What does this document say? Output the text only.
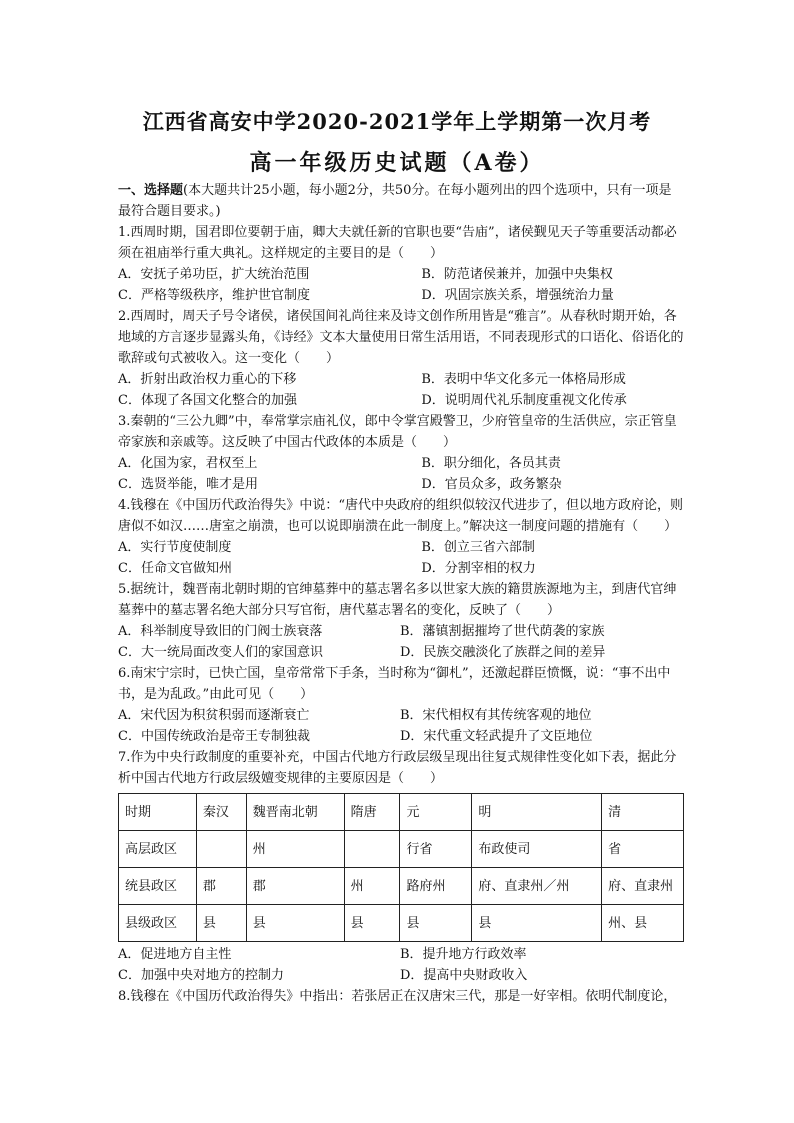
江西省高安中学2020-2021学年上学期第一次月考
高一年级历史试题（A卷）

一、选择题(本大题共计25小题，每小题2分，共50分。在每小题列出的四个选项中，只有一项是最符合题目要求。)

1.西周时期，国君即位要朝于庙，卿大夫就任新的官职也要“告庙”，诸侯觐见天子等重要活动都必须在祖庙举行重大典礼。这样规定的主要目的是（　　）

A．安抚子弟功臣，扩大统治范围	B．防范诸侯兼并，加强中央集权
C．严格等级秩序，维护世官制度	D．巩固宗族关系，增强统治力量

2.西周时，周天子号令诸侯，诸侯国间礼尚往来及诗文创作所用皆是“雅言”。从春秋时期开始，各地域的方言逐步显露头角，《诗经》文本大量使用日常生活用语，不同表现形式的口语化、俗语化的歌辞或句式被收入。这一变化（　　）

A．折射出政治权力重心的下移	B．表明中华文化多元一体格局形成
C．体现了各国文化整合的加强	D．说明周代礼乐制度重视文化传承

3.秦朝的“三公九卿”中，奉常掌宗庙礼仪，郎中令掌宫殿警卫，少府管皇帝的生活供应，宗正管皇帝家族和亲戚等。这反映了中国古代政体的本质是（　　）

A．化国为家，君权至上	B．职分细化，各员其责
C．选贤举能，唯才是用	D．官员众多，政务繁杂

4.钱穆在《中国历代政治得失》中说：“唐代中央政府的组织似较汉代进步了，但以地方政府论，则唐似不如汉……唐室之崩溃，也可以说即崩溃在此一制度上。”解决这一制度问题的措施有（　　）

A．实行节度使制度	B．创立三省六部制
C．任命文官做知州	D．分割宰相的权力

5.据统计，魏晋南北朝时期的官绅墓葬中的墓志署名多以世家大族的籍贯族源地为主，到唐代官绅墓葬中的墓志署名绝大部分只写官衔，唐代墓志署名的变化，反映了（　　）

A．科举制度导致旧的门阀士族衰落	B．藩镇割据摧垮了世代荫袭的家族
C．大一统局面改变人们的家国意识	D．民族交融淡化了族群之间的差异

6.南宋宁宗时，已快亡国，皇帝常常下手条，当时称为“御札”，还激起群臣愤慨，说：“事不出中书，是为乱政。”由此可见（　　）

A．宋代因为积贫积弱而逐渐衰亡	B．宋代相权有其传统客观的地位
C．中国传统政治是帝王专制独裁	D．宋代重文轻武提升了文臣地位

7.作为中央行政制度的重要补充，中国古代地方行政层级呈现出往复式规律性变化如下表，据此分析中国古代地方行政层级嬗变规律的主要原因是（　　）

时期	秦汉	魏晋南北朝	隋唐	元	明	清
高层政区		州		行省	布政使司	省
统县政区	郡	郡	州	路府州	府、直隶州／州	府、直隶州
县级政区	县	县	县	县	县	州、县
A．促进地方自主性	B．提升地方行政效率
C．加强中央对地方的控制力	D．提高中央财政收入

8.钱穆在《中国历代政治得失》中指出：若张居正在汉唐宋三代，那是一好宰相。依明代制度论，
